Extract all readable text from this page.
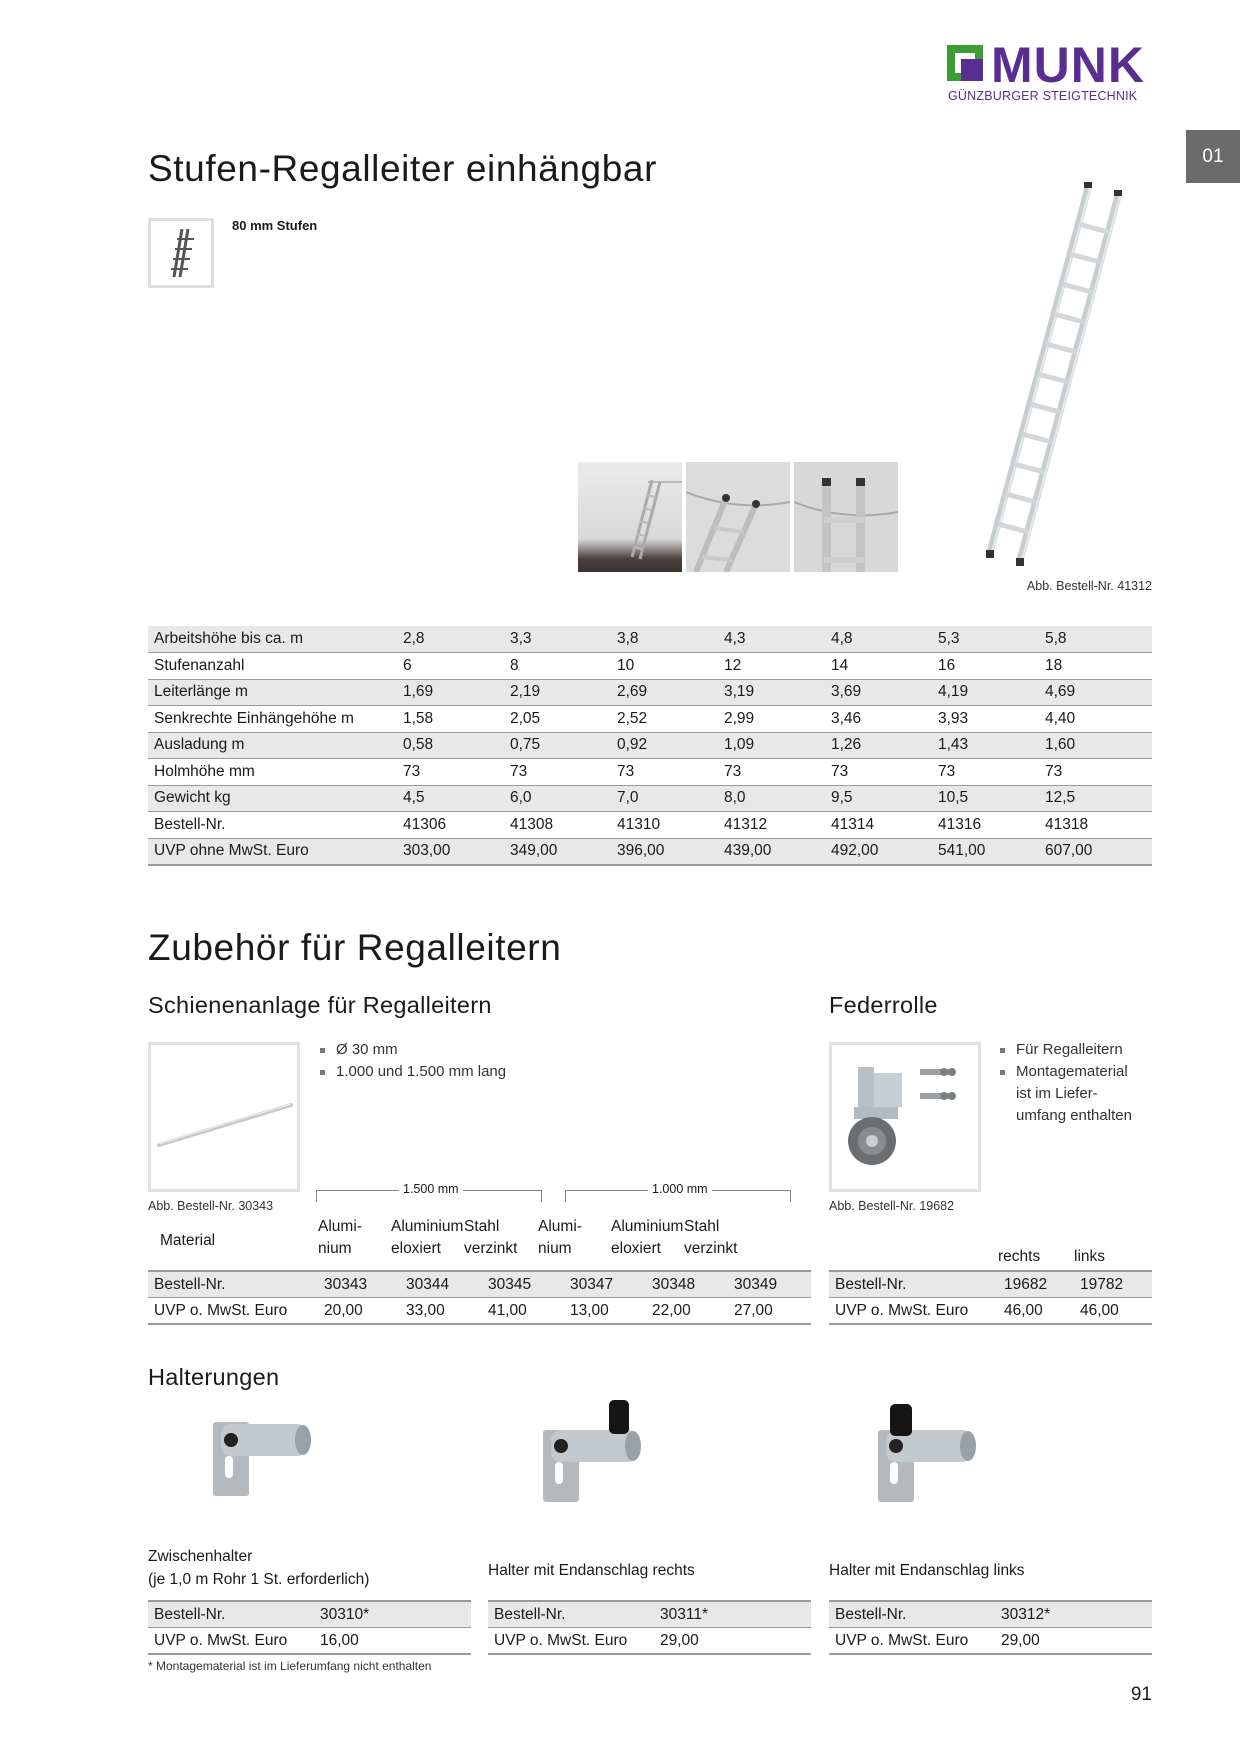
MUNK
GÜNZBURGER STEIGTECHNIK
01
Stufen-Regalleiter einhängbar
80 mm Stufen
Abb. Bestell-Nr. 41312
Arbeitshöhe bis ca. m	2,8	3,3	3,8	4,3	4,8	5,3	5,8
Stufenanzahl	6	8	10	12	14	16	18
Leiterlänge m	1,69	2,19	2,69	3,19	3,69	4,19	4,69
Senkrechte Einhängehöhe m	1,58	2,05	2,52	2,99	3,46	3,93	4,40
Ausladung m	0,58	0,75	0,92	1,09	1,26	1,43	1,60
Holmhöhe mm	73	73	73	73	73	73	73
Gewicht kg	4,5	6,0	7,0	8,0	9,5	10,5	12,5
Bestell-Nr.	41306	41308	41310	41312	41314	41316	41318
UVP ohne MwSt. Euro	303,00	349,00	396,00	439,00	492,00	541,00	607,00
Zubehör für Regalleitern
Schienenanlage für Regalleitern	Federrolle
Ø 30 mm
1.000 und 1.500 mm lang
Abb. Bestell-Nr. 30343
1.500 mm	1.000 mm
Material
Alumi-
nium
Aluminium
eloxiert
Stahl
verzinkt
Alumi-
nium
Aluminium
eloxiert
Stahl
verzinkt
Bestell-Nr.	30343	30344	30345	30347	30348	30349
UVP o. MwSt. Euro	20,00	33,00	41,00	13,00	22,00	27,00
Für Regalleitern
Montagematerial
ist im Liefer-
umfang enthalten
Abb. Bestell-Nr. 19682
rechts links
Bestell-Nr.	19682	19782
UVP o. MwSt. Euro	46,00	46,00
Halterungen
Zwischenhalter
(je 1,0 m Rohr 1 St. erforderlich)
Halter mit Endanschlag rechts	Halter mit Endanschlag links
Bestell-Nr.	30310*
UVP o. MwSt. Euro	16,00
Bestell-Nr.	30311*
UVP o. MwSt. Euro	29,00
Bestell-Nr.	30312*
UVP o. MwSt. Euro	29,00
* Montagematerial ist im Lieferumfang nicht enthalten
91
